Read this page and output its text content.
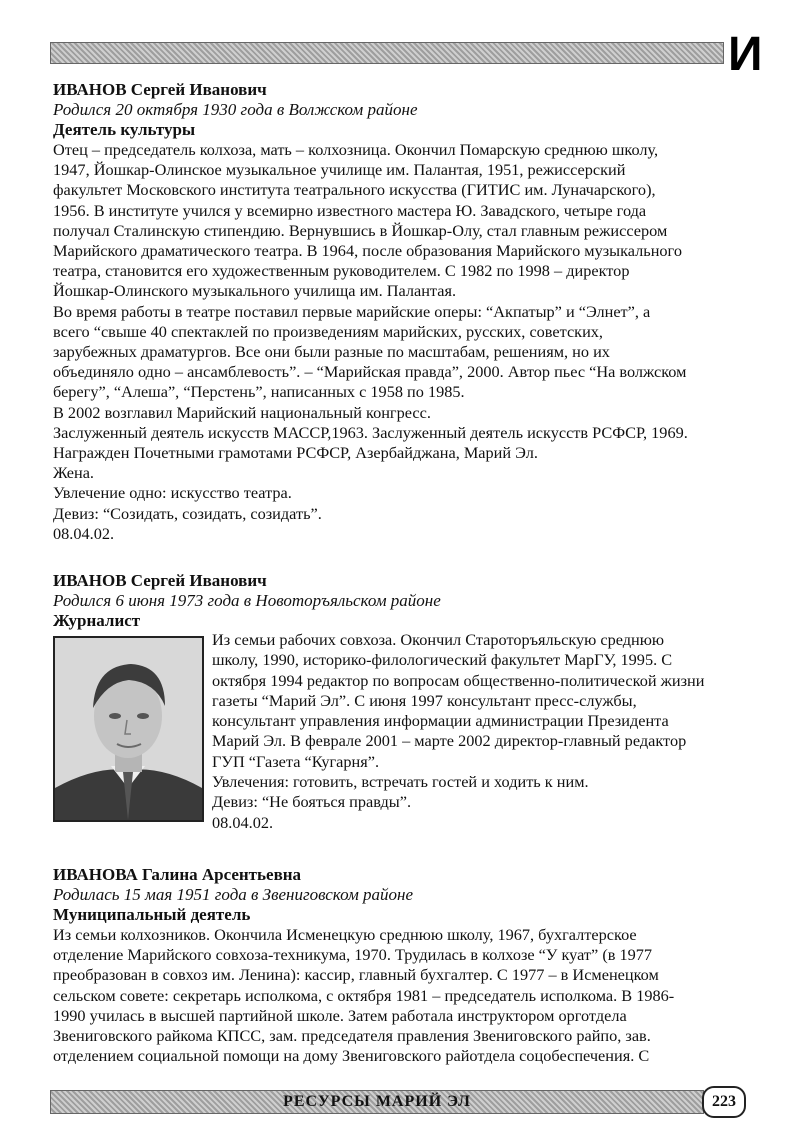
И

ИВАНОВ Сергей Иванович

Родился 20 октября 1930 года в Волжском районе

Деятель культуры

Отец – председатель колхоза, мать – колхозница. Окончил Помарскую среднюю школу,

1947, Йошкар-Олинское музыкальное училище им. Палантая, 1951, режиссерский

факультет Московского института театрального искусства (ГИТИС им. Луначарского),

1956. В институте учился у всемирно известного мастера Ю. Завадского, четыре года

получал Сталинскую стипендию. Вернувшись в Йошкар-Олу, стал главным режиссером

Марийского драматического театра. В 1964, после образования Марийского музыкального

театра, становится его художественным руководителем. С 1982 по 1998 – директор

Йошкар-Олинского музыкального училища им. Палантая.

Во время работы в театре поставил первые марийские оперы: “Акпатыр” и “Элнет”, а

всего “свыше 40 спектаклей по произведениям марийских, русских, советских,

зарубежных драматургов. Все они были разные по масштабам, решениям, но их

объединяло одно – ансамблевость”. – “Марийская правда”, 2000. Автор пьес “На волжском

берегу”, “Алеша”, “Перстень”, написанных с 1958 по 1985.

В 2002 возглавил Марийский национальный конгресс.

Заслуженный деятель искусств МАССР,1963. Заслуженный деятель искусств РСФСР, 1969.

Награжден Почетными грамотами РСФСР, Азербайджана, Марий Эл.

Жена.

Увлечение одно: искусство театра.

Девиз: “Созидать, созидать, созидать”.

08.04.02.

ИВАНОВ Сергей Иванович

Родился 6 июня 1973 года в Новоторъяльском районе

Журналист

Из семьи рабочих совхоза. Окончил Староторъяльскую среднюю

школу, 1990, историко-филологический факультет МарГУ, 1995. С

октября 1994 редактор по вопросам общественно-политической жизни

газеты “Марий Эл”. С июня 1997 консультант пресс-службы,

консультант управления информации администрации Президента

Марий Эл. В феврале 2001 – марте 2002 директор-главный редактор

ГУП “Газета “Кугарня”.

Увлечения: готовить, встречать гостей и ходить к ним.

Девиз: “Не бояться правды”.

08.04.02.

ИВАНОВА Галина Арсентьевна

Родилась 15 мая 1951 года в Звениговском районе

Муниципальный деятель

Из семьи колхозников. Окончила Исменецкую среднюю школу, 1967, бухгалтерское

отделение Марийского совхоза-техникума, 1970. Трудилась в колхозе “У куат” (в 1977

преобразован в совхоз им. Ленина): кассир, главный бухгалтер. С 1977 – в Исменецком

сельском совете: секретарь исполкома, с октября 1981 – председатель исполкома. В 1986-

1990 училась в высшей партийной школе. Затем работала инструктором орготдела

Звениговского райкома КПСС, зам. председателя правления Звениговского райпо, зав.

отделением социальной помощи на дому Звениговского райотдела соцобеспечения. С

РЕСУРСЫ МАРИЙ ЭЛ	223
